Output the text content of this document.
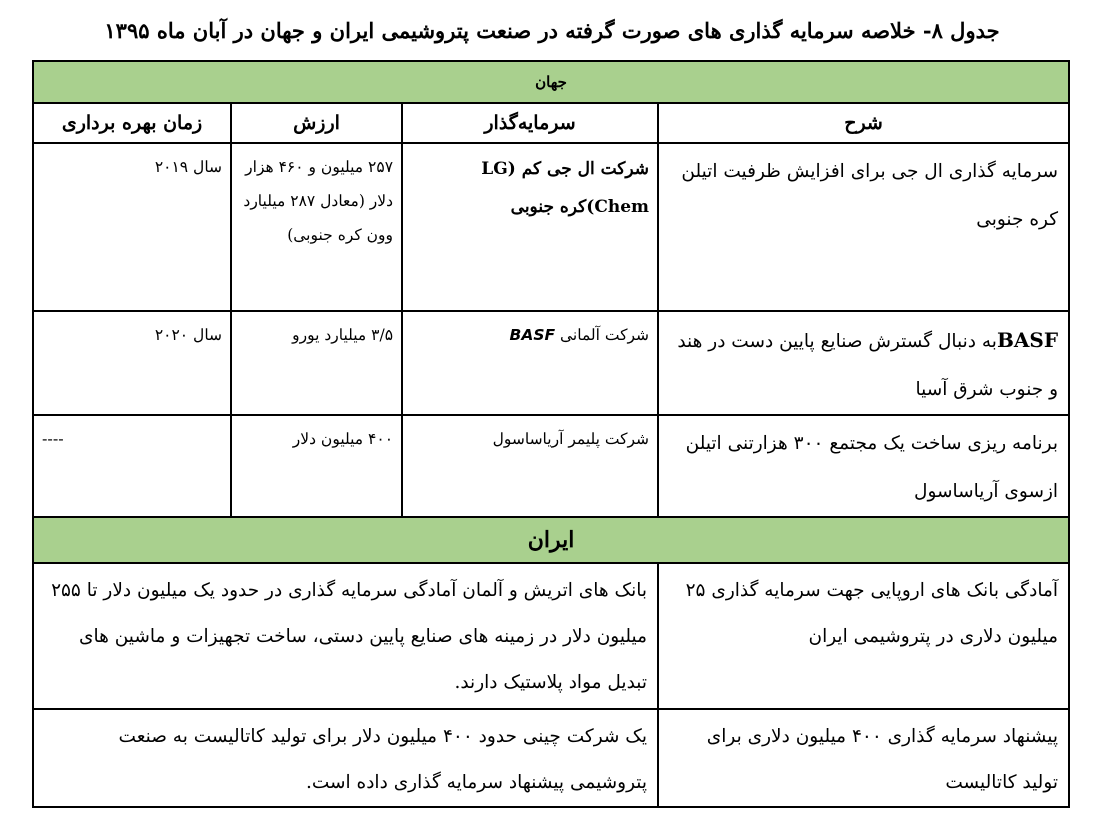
جدول ۸- خلاصه سرمایه گذاری های صورت گرفته در صنعت پتروشیمی ایران و جهان در آبان ماه ۱۳۹۵
جهان			
شرح	سرمایه‌گذار	ارزش	زمان بهره برداری
سرمایه گذاری ال جی برای افزایش ظرفیت اتیلن کره جنوبی	شرکت ال جی کم (LG Chem)کره جنوبی	۲۵۷ میلیون و ۴۶۰ هزار دلار (معادل ۲۸۷ میلیارد وون کره جنوبی)	سال ۲۰۱۹
BASFبه دنبال گسترش صنایع پایین دست در هند و جنوب شرق آسیا	شرکت آلمانی BASF	۳/۵ میلیارد یورو	سال ۲۰۲۰
برنامه ریزی ساخت یک مجتمع ۳۰۰ هزارتنی اتیلن ازسوی آریاساسول	شرکت پلیمر آریاساسول	۴۰۰ میلیون دلار	----
ایران			
آمادگی بانک های اروپایی جهت سرمایه گذاری ۲۵ میلیون دلاری در پتروشیمی ایران	بانک های اتریش و آلمان آمادگی سرمایه گذاری در حدود یک میلیون دلار تا ۲۵۵ میلیون دلار در زمینه های صنایع پایین دستی، ساخت تجهیزات و ماشین های تبدیل مواد پلاستیک دارند.		
پیشنهاد سرمایه گذاری ۴۰۰ میلیون دلاری برای تولید کاتالیست	یک شرکت چینی حدود ۴۰۰ میلیون دلار برای تولید کاتالیست به صنعت پتروشیمی پیشنهاد سرمایه گذاری داده است.		
